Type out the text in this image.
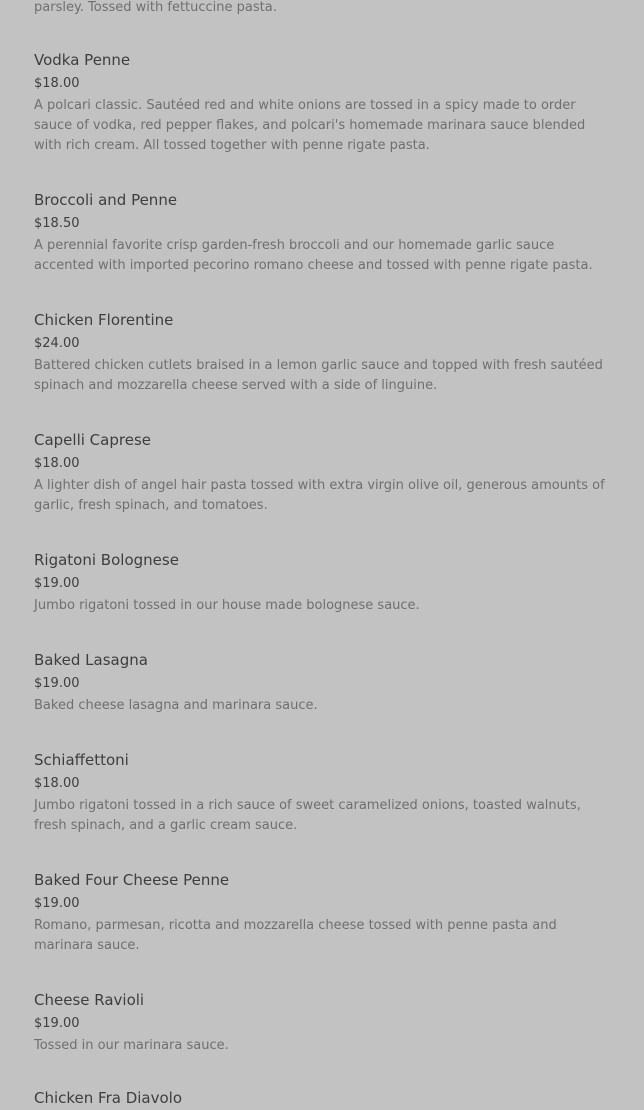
parsley. Tossed with fettuccine pasta.

Vodka Penne

$18.00

A polcari classic. Sautéed red and white onions are tossed in a spicy made to order sauce of vodka, red pepper flakes, and polcari's homemade marinara sauce blended with rich cream. All tossed together with penne rigate pasta.

Broccoli and Penne

$18.50

A perennial favorite crisp garden-fresh broccoli and our homemade garlic sauce accented with imported pecorino romano cheese and tossed with penne rigate pasta.

Chicken Florentine

$24.00

Battered chicken cutlets braised in a lemon garlic sauce and topped with fresh sautéed spinach and mozzarella cheese served with a side of linguine.

Capelli Caprese

$18.00

A lighter dish of angel hair pasta tossed with extra virgin olive oil, generous amounts of garlic, fresh spinach, and tomatoes.

Rigatoni Bolognese

$19.00

Jumbo rigatoni tossed in our house made bolognese sauce.

Baked Lasagna

$19.00

Baked cheese lasagna and marinara sauce.

Schiaffettoni

$18.00

Jumbo rigatoni tossed in a rich sauce of sweet caramelized onions, toasted walnuts, fresh spinach, and a garlic cream sauce.

Baked Four Cheese Penne

$19.00

Romano, parmesan, ricotta and mozzarella cheese tossed with penne pasta and marinara sauce.

Cheese Ravioli

$19.00

Tossed in our marinara sauce.

Chicken Fra Diavolo
